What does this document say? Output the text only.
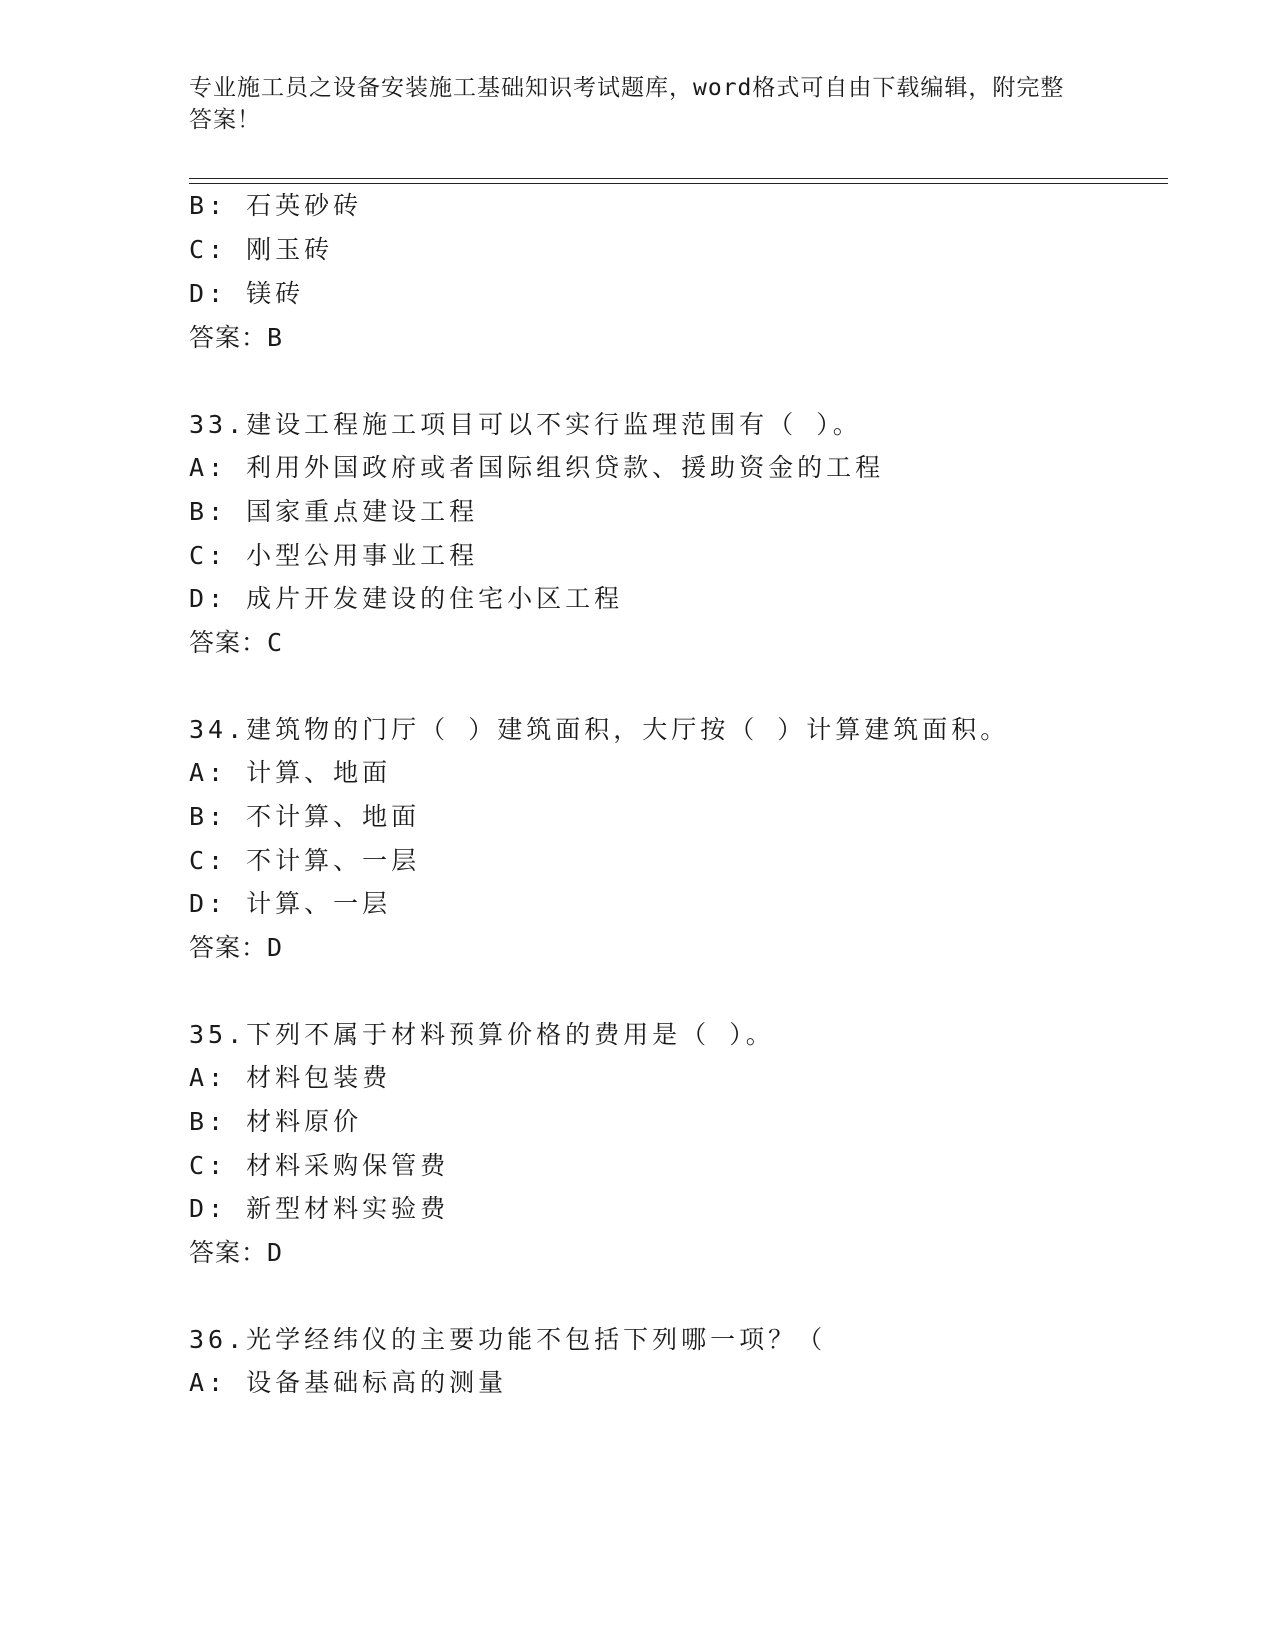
专业施工员之设备安装施工基础知识考试题库，word格式可自由下载编辑，附完整答案！
B: 石英砂砖
C: 刚玉砖
D: 镁砖
答案：B
33.建设工程施工项目可以不实行监理范围有（ ）。
A: 利用外国政府或者国际组织贷款、援助资金的工程
B: 国家重点建设工程
C: 小型公用事业工程
D: 成片开发建设的住宅小区工程
答案：C
34.建筑物的门厅（ ）建筑面积，大厅按（ ）计算建筑面积。
A: 计算、地面
B: 不计算、地面
C: 不计算、一层
D: 计算、一层
答案：D
35.下列不属于材料预算价格的费用是（ ）。
A: 材料包装费
B: 材料原价
C: 材料采购保管费
D: 新型材料实验费
答案：D
36.光学经纬仪的主要功能不包括下列哪一项？（
A: 设备基础标高的测量
